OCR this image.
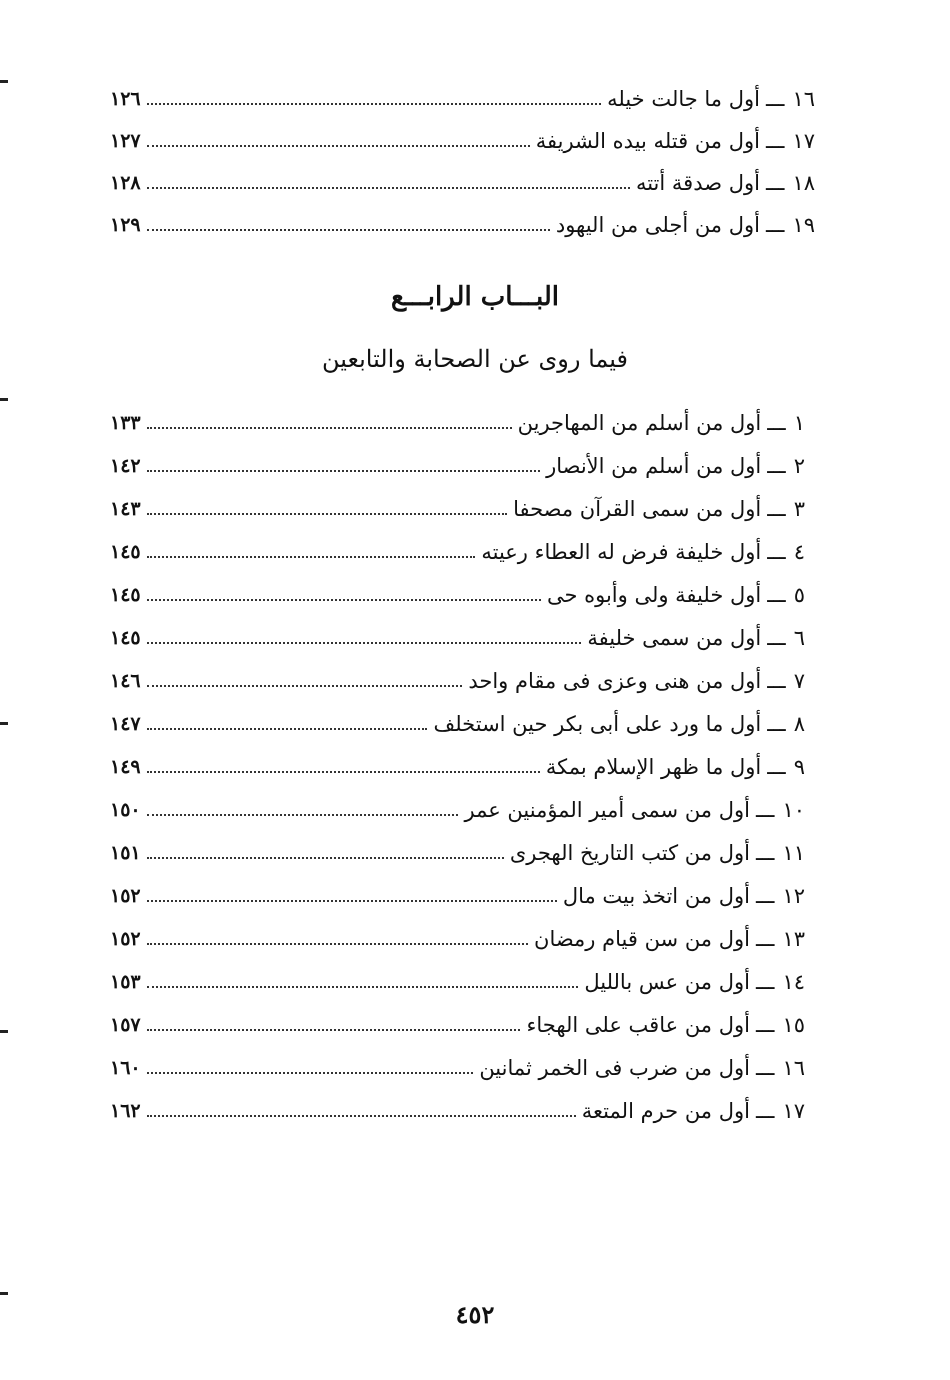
١٦
ـــ
أول ما جالت خيله
١٢٦
١٧
ـــ
أول من قتله بيده الشريفة
١٢٧
١٨
ـــ
أول صدقة أتته
١٢٨
١٩
ـــ
أول من أجلى من اليهود
١٢٩
البـــاب الرابـــع
فيما روى عن الصحابة والتابعين
١
ـــ
أول من أسلم من المهاجرين
١٣٣
٢
ـــ
أول من أسلم من الأنصار
١٤٢
٣
ـــ
أول من سمى القرآن مصحفا
١٤٣
٤
ـــ
أول خليفة فرض له العطاء رعيته
١٤٥
٥
ـــ
أول خليفة ولى وأبوه حى
١٤٥
٦
ـــ
أول من سمى خليفة
١٤٥
٧
ـــ
أول من هنى وعزى فى مقام واحد
١٤٦
٨
ـــ
أول ما ورد على أبى بكر حين استخلف
١٤٧
٩
ـــ
أول ما ظهر الإسلام بمكة
١٤٩
١٠
ـــ
أول من سمى أمير المؤمنين عمر
١٥٠
١١
ـــ
أول من كتب التاريخ الهجرى
١٥١
١٢
ـــ
أول من اتخذ بيت مال
١٥٢
١٣
ـــ
أول من سن قيام رمضان
١٥٢
١٤
ـــ
أول من عس بالليل
١٥٣
١٥
ـــ
أول من عاقب على الهجاء
١٥٧
١٦
ـــ
أول من ضرب فى الخمر ثمانين
١٦٠
١٧
ـــ
أول من حرم المتعة
١٦٢
٤٥٢
